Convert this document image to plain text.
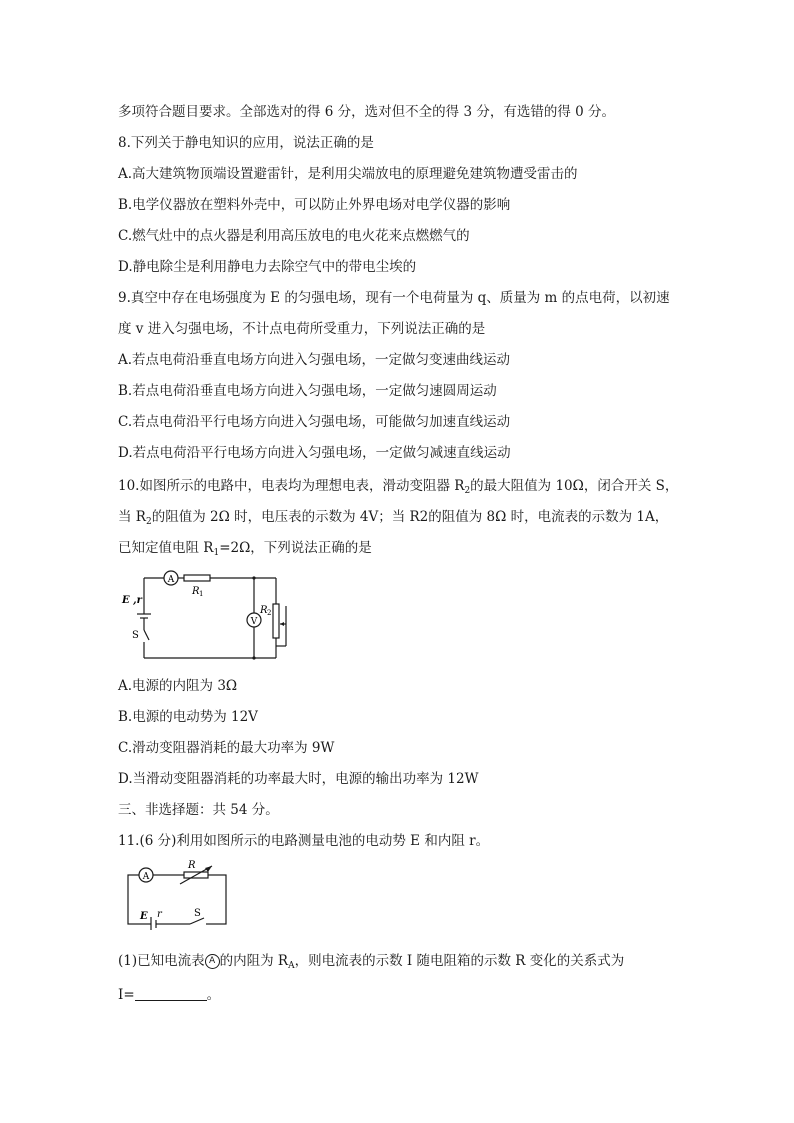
多项符合题目要求。全部选对的得 6 分，选对但不全的得 3 分，有选错的得 0 分。
8.下列关于静电知识的应用，说法正确的是
A.高大建筑物顶端设置避雷针，是利用尖端放电的原理避免建筑物遭受雷击的
B.电学仪器放在塑料外壳中，可以防止外界电场对电学仪器的影响
C.燃气灶中的点火器是利用高压放电的电火花来点燃燃气的
D.静电除尘是利用静电力去除空气中的带电尘埃的
9.真空中存在电场强度为 E 的匀强电场，现有一个电荷量为 q、质量为 m 的点电荷，以初速
度 v 进入匀强电场，不计点电荷所受重力，下列说法正确的是
A.若点电荷沿垂直电场方向进入匀强电场，一定做匀变速曲线运动
B.若点电荷沿垂直电场方向进入匀强电场，一定做匀速圆周运动
C.若点电荷沿平行电场方向进入匀强电场，可能做匀加速直线运动
D.若点电荷沿平行电场方向进入匀强电场，一定做匀减速直线运动
10.如图所示的电路中，电表均为理想电表，滑动变阻器 $R_2$的最大阻值为 10Ω，闭合开关 S，
当 $R_2$的阻值为 2Ω 时，电压表的示数为 4V；当 R2的阻值为 8Ω 时，电流表的示数为 1A，
已知定值电阻 $R_1=2\Omega$，下列说法正确的是
A
V
R 1
R 2
E ,r
S
A.电源的内阻为 3Ω
B.电源的电动势为 12V
C.滑动变阻器消耗的最大功率为 9W
D.当滑动变阻器消耗的功率最大时，电源的输出功率为 12W
三、非选择题：共 54 分。
11.(6 分)利用如图所示的电路测量电池的电动势 E 和内阻 r。
A
R
E r	S
(1)已知电流表 A 的内阻为 $R_A$，则电流表的示数 I 随电阻箱的示数 R 变化的关系式为
I=	。
